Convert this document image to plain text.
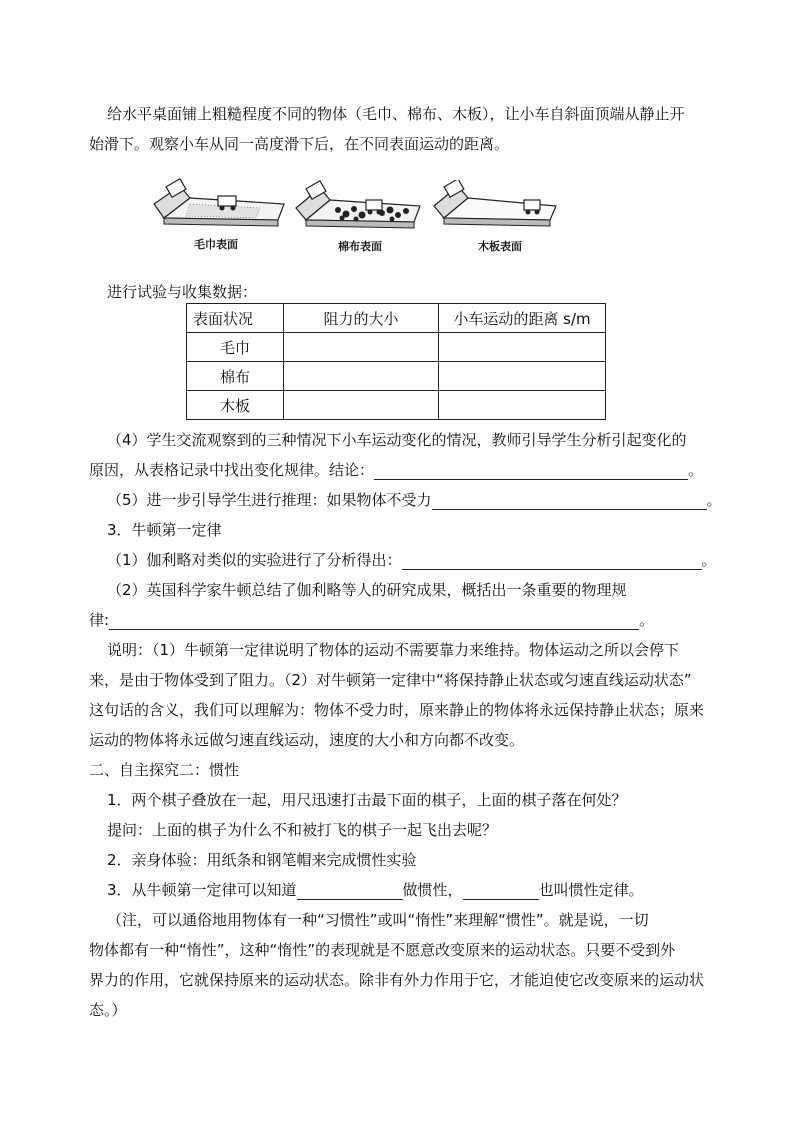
给水平桌面铺上粗糙程度不同的物体（毛巾、棉布、木板），让小车自斜面顶端从静止开
始滑下。观察小车从同一高度滑下后，在不同表面运动的距离。
毛巾表面	棉布表面	木板表面
进行试验与收集数据：
表面状况	阻力的大小	小车运动的距离 s/m
毛巾		
棉布		
木板		
（4）学生交流观察到的三种情况下小车运动变化的情况，教师引导学生分析引起变化的
原因，从表格记录中找出变化规律。结论：	。
（5）进一步引导学生进行推理：如果物体不受力	。
3．牛顿第一定律
（1）伽利略对类似的实验进行了分析得出：	。
（2）英国科学家牛顿总结了伽利略等人的研究成果，概括出一条重要的物理规
律:	。
说明：（1）牛顿第一定律说明了物体的运动不需要靠力来维持。物体运动之所以会停下
来，是由于物体受到了阻力。（2）对牛顿第一定律中“将保持静止状态或匀速直线运动状态”
这句话的含义，我们可以理解为：物体不受力时，原来静止的物体将永远保持静止状态；原来
运动的物体将永远做匀速直线运动，速度的大小和方向都不改变。
二、自主探究二：惯性
1．两个棋子叠放在一起，用尺迅速打击最下面的棋子，上面的棋子落在何处？
提问：上面的棋子为什么不和被打飞的棋子一起飞出去呢？
2．亲身体验：用纸条和钢笔帽来完成惯性实验
3．从牛顿第一定律可以知道	做惯性，	也叫惯性定律。
（注，可以通俗地用物体有一种“习惯性”或叫“惰性”来理解“惯性”。就是说，一切
物体都有一种“惰性”，这种“惰性”的表现就是不愿意改变原来的运动状态。只要不受到外
界力的作用，它就保持原来的运动状态。除非有外力作用于它，才能迫使它改变原来的运动状
态。）
